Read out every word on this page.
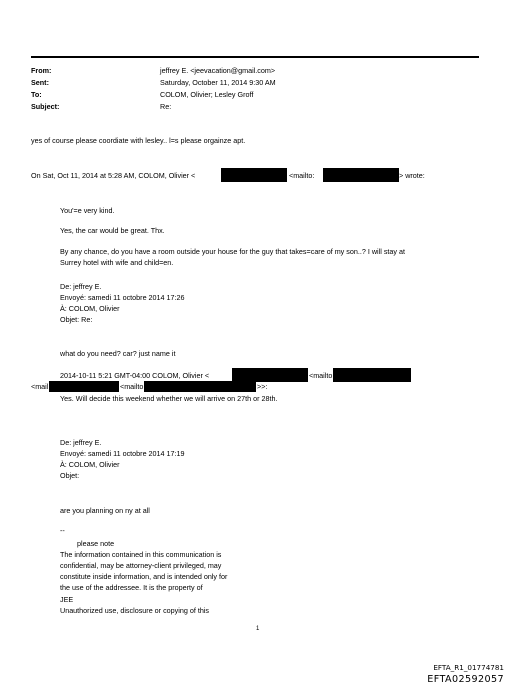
From:	jeffrey E. <jeevacation@gmail.com>
Sent:	Saturday, October 11, 2014 9:30 AM
To:	COLOM, Olivier; Lesley Groff
Subject:	Re:
yes of course please coordiate with lesley.. l=s please orgainze apt.
On Sat, Oct 11, 2014 at 5:28 AM, COLOM, Olivier <	<mailto:	> wrote:
You'=e very kind.
Yes, the car would be great. Thx.
By any chance, do you have a room outside your house for the guy that takes=care of my son..? I will stay at
Surrey hotel with wife and child=en.
De: jeffrey E.
Envoyé: samedi 11 octobre 2014 17:26
À: COLOM, Olivier
Objet: Re:
what do you need? car? just name it
2014-10-11 5:21 GMT-04:00 COLOM, Olivier <	<mailto
<mail	<mailto	>>:
Yes. Will decide this weekend whether we will arrive on 27th or 28th.
De: jeffrey E.
Envoyé: samedi 11 octobre 2014 17:19
À: COLOM, Olivier
Objet:
are you planning on ny at all
--
please note
The information contained in this communication is
confidential, may be attorney-client privileged, may
constitute inside information, and is intended only for
the use of the addressee. It is the property of
JEE
Unauthorized use, disclosure or copying of this
1
EFTA_R1_01774781
EFTA02592057
